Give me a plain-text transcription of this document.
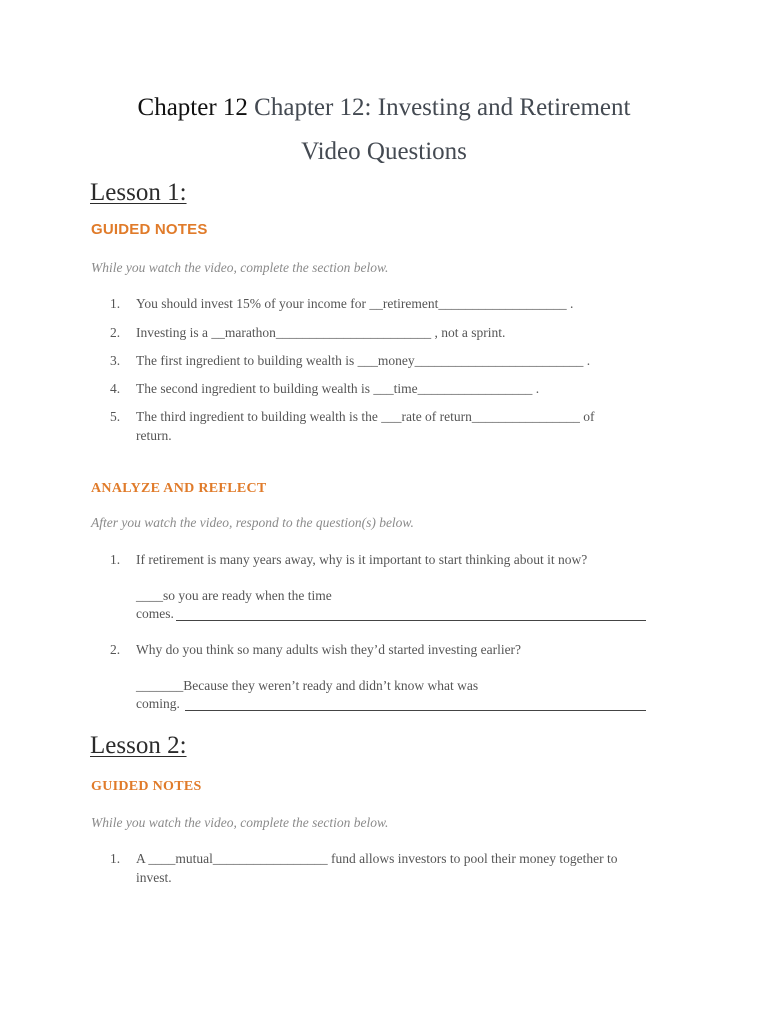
Chapter 12 Chapter 12: Investing and Retirement
Video Questions
Lesson 1:
GUIDED NOTES
While you watch the video, complete the section below.
1.	You should invest 15% of your income for __retirement___________________ .
2.	Investing is a __marathon_______________________ , not a sprint.
3.	The first ingredient to building wealth is ___money_________________________ .
4.	The second ingredient to building wealth is ___time_________________ .
5.	The third ingredient to building wealth is the ___rate of return________________ of
return.
ANALYZE AND REFLECT
After you watch the video, respond to the question(s) below.
1.	If retirement is many years away, why is it important to start thinking about it now?
____so you are ready when the time
comes.
2.	Why do you think so many adults wish they’d started investing earlier?
_______Because they weren’t ready and didn’t know what was
coming.
Lesson 2:
GUIDED NOTES
While you watch the video, complete the section below.
1.	A ____mutual_________________ fund allows investors to pool their money together to
invest.
